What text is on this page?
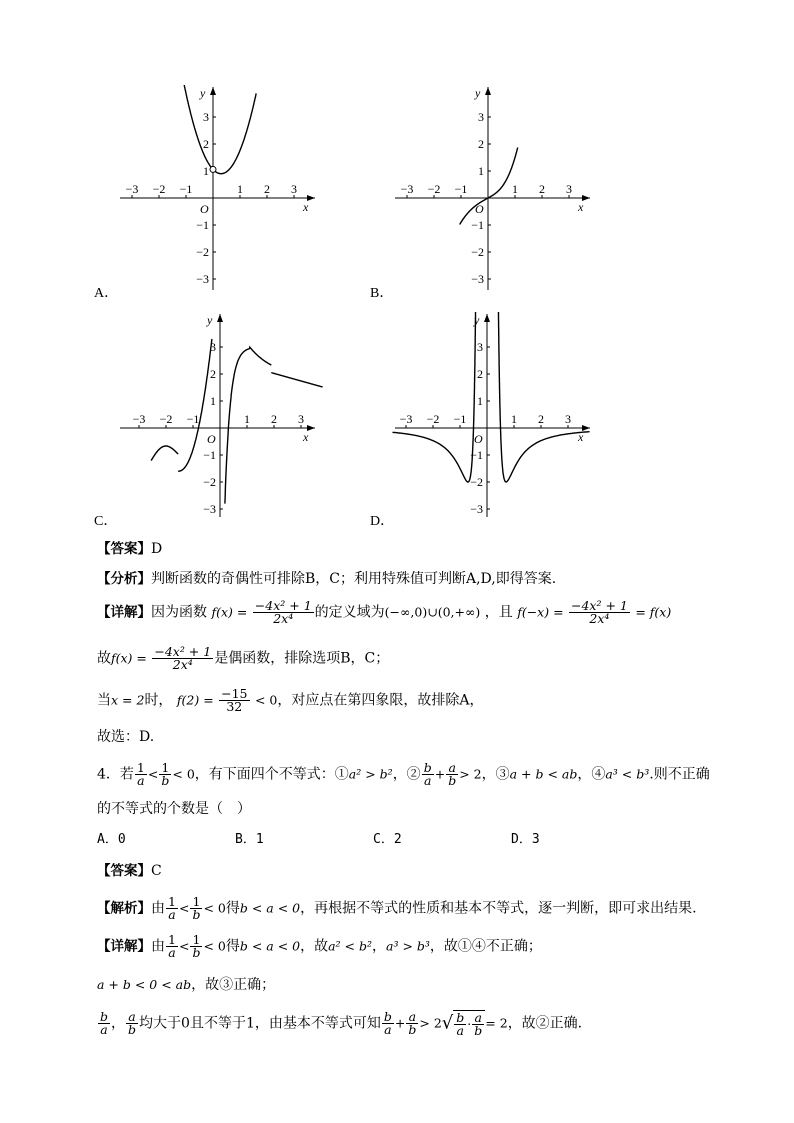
−3 −2 −1	1 2 3
3
2
1
−1
−2
−3
x
y
O
−3 −2 −1	1 2 3
3
2
1
−1
−2
−3
x
y
O
−3 −2 −1	1 2 3
3
2
1
−1
−2
−3
x
y
O
−3 −2 −1	1 2 3
3
2
1
−1
−2
−3
x
y
O
A．	B．
C．	D．
【答案】D
【分析】判断函数的奇偶性可排除B，C；利用特殊值可判断A,D,即得答案.
【详解】因为函数 $f(x) = \frac{\text{−4x² + 1}}{\text{2x⁴}}$ 的定义域为(−∞,0)∪(0,+∞) ，且 $f(-x) = \frac{\text{−4x² + 1}}{\text{2x⁴}} = f(x)$
故$f(x) = \frac{\text{−4x² + 1}}{\text{2x⁴}}$ 是偶函数，排除选项B，C；
当x = 2时， $f(2) = \frac{-15}{32} < 0$，对应点在第四象限，故排除A，
故选：D.
4．若 $\frac{1}{a} < \frac{1}{b} < 0$，有下面四个不等式：①a² > b²，② $\frac{b}{a} + \frac{a}{b} > 2$，③a + b < ab，④a³ < b³.则不正确
的不等式的个数是（　）
A．0	B．1	C．2	D．3
【答案】C
【解析】由 $\frac{1}{a} < \frac{1}{b} < 0$得b < a < 0，再根据不等式的性质和基本不等式，逐一判断，即可求出结果.
【详解】由 $\frac{1}{a} < \frac{1}{b} < 0$得b < a < 0，故a² < b²，a³ > b³，故①④不正确；
a + b < 0 < ab，故③正确；
$\frac{b}{a}$ ， $\frac{a}{b}$ 均大于0且不等于1，由基本不等式可知 $\frac{b}{a} + \frac{a}{b} > 2√ \frac{b}{a} \cdot \frac{a}{b} = 2$，故②正确.
